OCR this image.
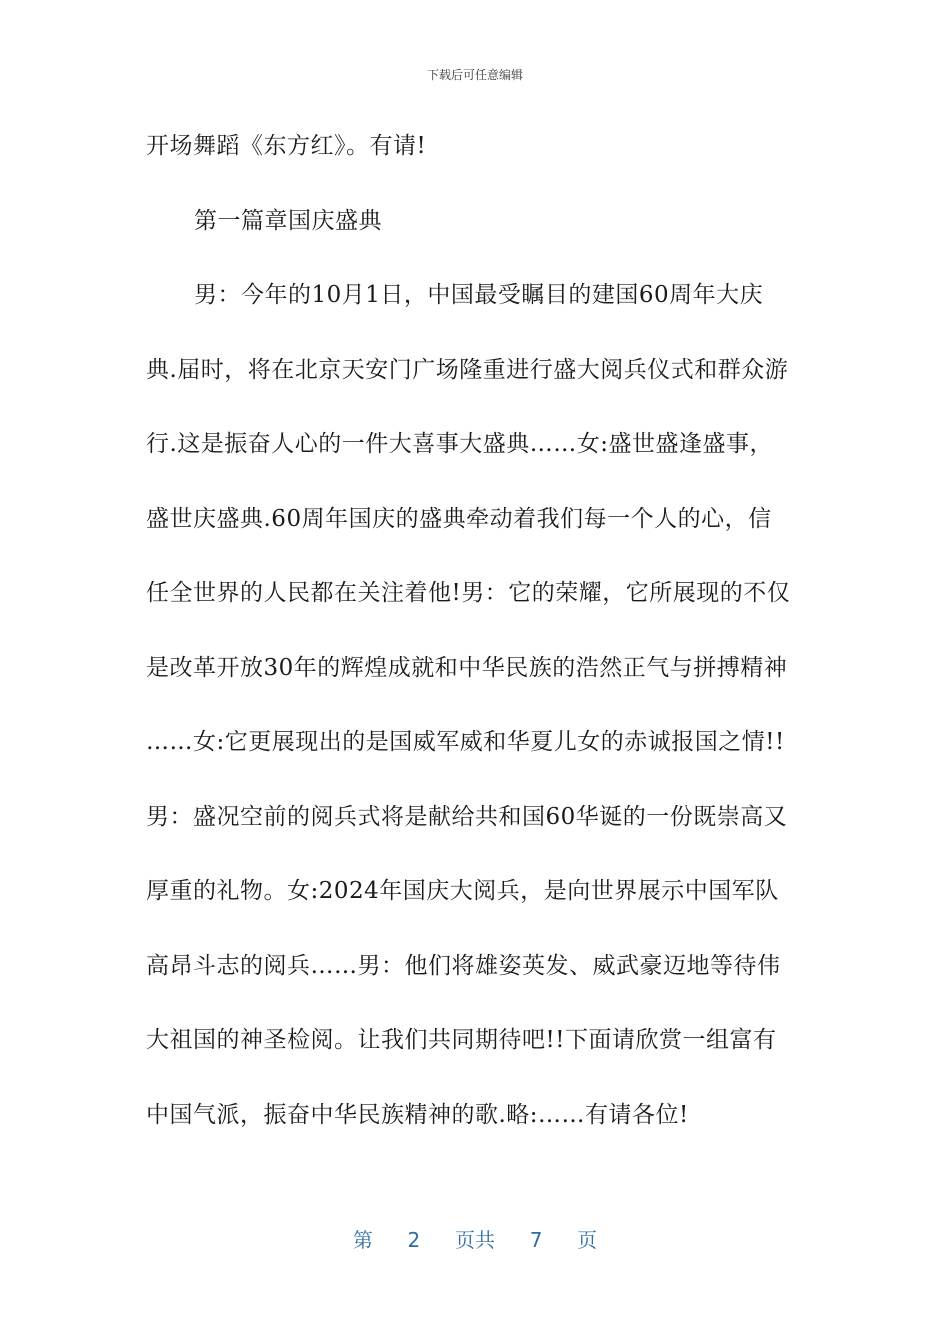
下载后可任意编辑
开场舞蹈《东方红》。有请!
第一篇章国庆盛典
男：今年的10月1日，中国最受瞩目的建国60周年大庆
典.届时，将在北京天安门广场隆重进行盛大阅兵仪式和群众游
行.这是振奋人心的一件大喜事大盛典……女:盛世盛逢盛事，
盛世庆盛典.60周年国庆的盛典牵动着我们每一个人的心，信
任全世界的人民都在关注着他!男：它的荣耀，它所展现的不仅
是改革开放30年的辉煌成就和中华民族的浩然正气与拼搏精神
……女:它更展现出的是国威军威和华夏儿女的赤诚报国之情!!
男：盛况空前的阅兵式将是献给共和国60华诞的一份既崇高又
厚重的礼物。女:2024年国庆大阅兵，是向世界展示中国军队
高昂斗志的阅兵……男：他们将雄姿英发、威武豪迈地等待伟
大祖国的神圣检阅。让我们共同期待吧!!下面请欣赏一组富有
中国气派，振奋中华民族精神的歌.略:……有请各位!
第 2 页共 7 页
